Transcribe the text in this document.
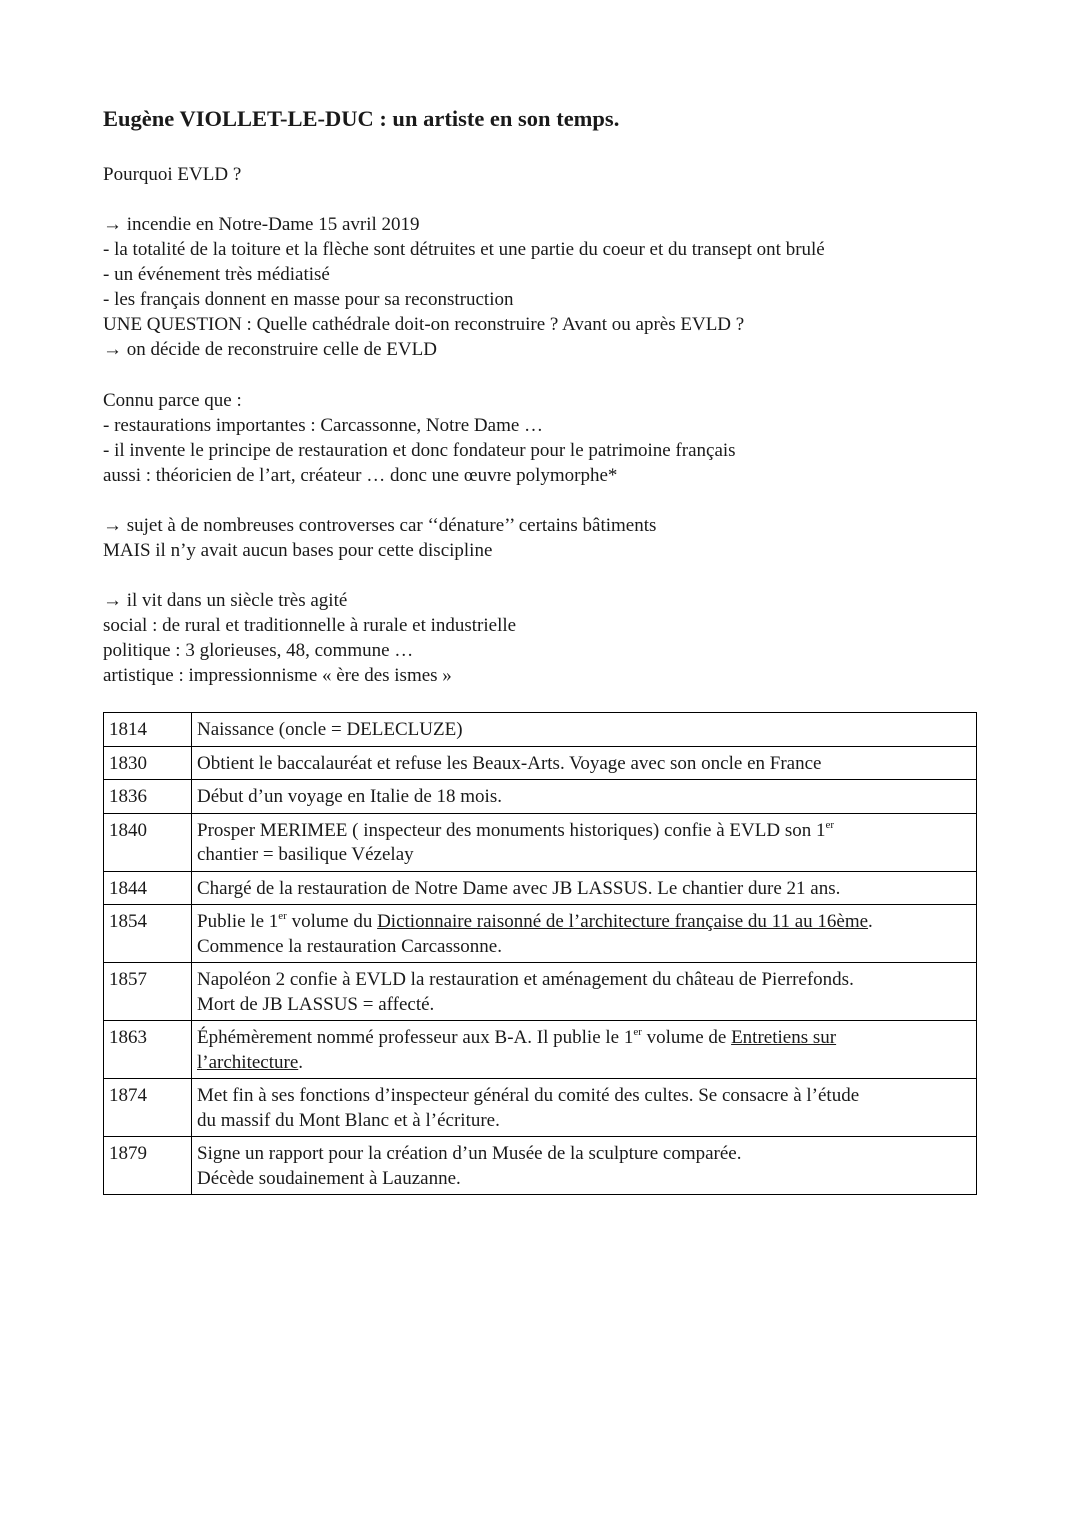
Eugène VIOLLET-LE-DUC : un artiste en son temps.
Pourquoi EVLD ?
→ incendie en Notre-Dame 15 avril 2019
- la totalité de la toiture et la flèche sont détruites et une partie du coeur et du transept ont brulé
- un événement très médiatisé
- les français donnent en masse pour sa reconstruction
UNE QUESTION : Quelle cathédrale doit-on reconstruire ? Avant ou après EVLD ?
→ on décide de reconstruire celle de EVLD
Connu parce que :
- restaurations importantes : Carcassonne, Notre Dame …
- il invente le principe de restauration et donc fondateur pour le patrimoine français
aussi : théoricien de l’art, créateur … donc une œuvre polymorphe*
→ sujet à de nombreuses controverses car ‘‘dénature’’ certains bâtiments
MAIS il n’y avait aucun bases pour cette discipline
→ il vit dans un siècle très agité
social : de rural et traditionnelle à rurale et industrielle
politique : 3 glorieuses, 48, commune …
artistique : impressionnisme « ère des ismes »
1814	Naissance (oncle = DELECLUZE)
1830	Obtient le baccalauréat et refuse les Beaux-Arts. Voyage avec son oncle en France
1836	Début d’un voyage en Italie de 18 mois.
1840	Prosper MERIMEE ( inspecteur des monuments historiques) confie à EVLD son 1er
chantier = basilique Vézelay
1844	Chargé de la restauration de Notre Dame avec JB LASSUS. Le chantier dure 21 ans.
1854	Publie le 1er volume du Dictionnaire raisonné de l’architecture française du 11 au 16ème.
Commence la restauration Carcassonne.
1857	Napoléon 2 confie à EVLD la restauration et aménagement du château de Pierrefonds.
Mort de JB LASSUS = affecté.
1863	Éphémèrement nommé professeur aux B-A. Il publie le 1er volume de Entretiens sur
l’architecture.
1874	Met fin à ses fonctions d’inspecteur général du comité des cultes. Se consacre à l’étude
du massif du Mont Blanc et à l’écriture.
1879	Signe un rapport pour la création d’un Musée de la sculpture comparée.
Décède soudainement à Lauzanne.
